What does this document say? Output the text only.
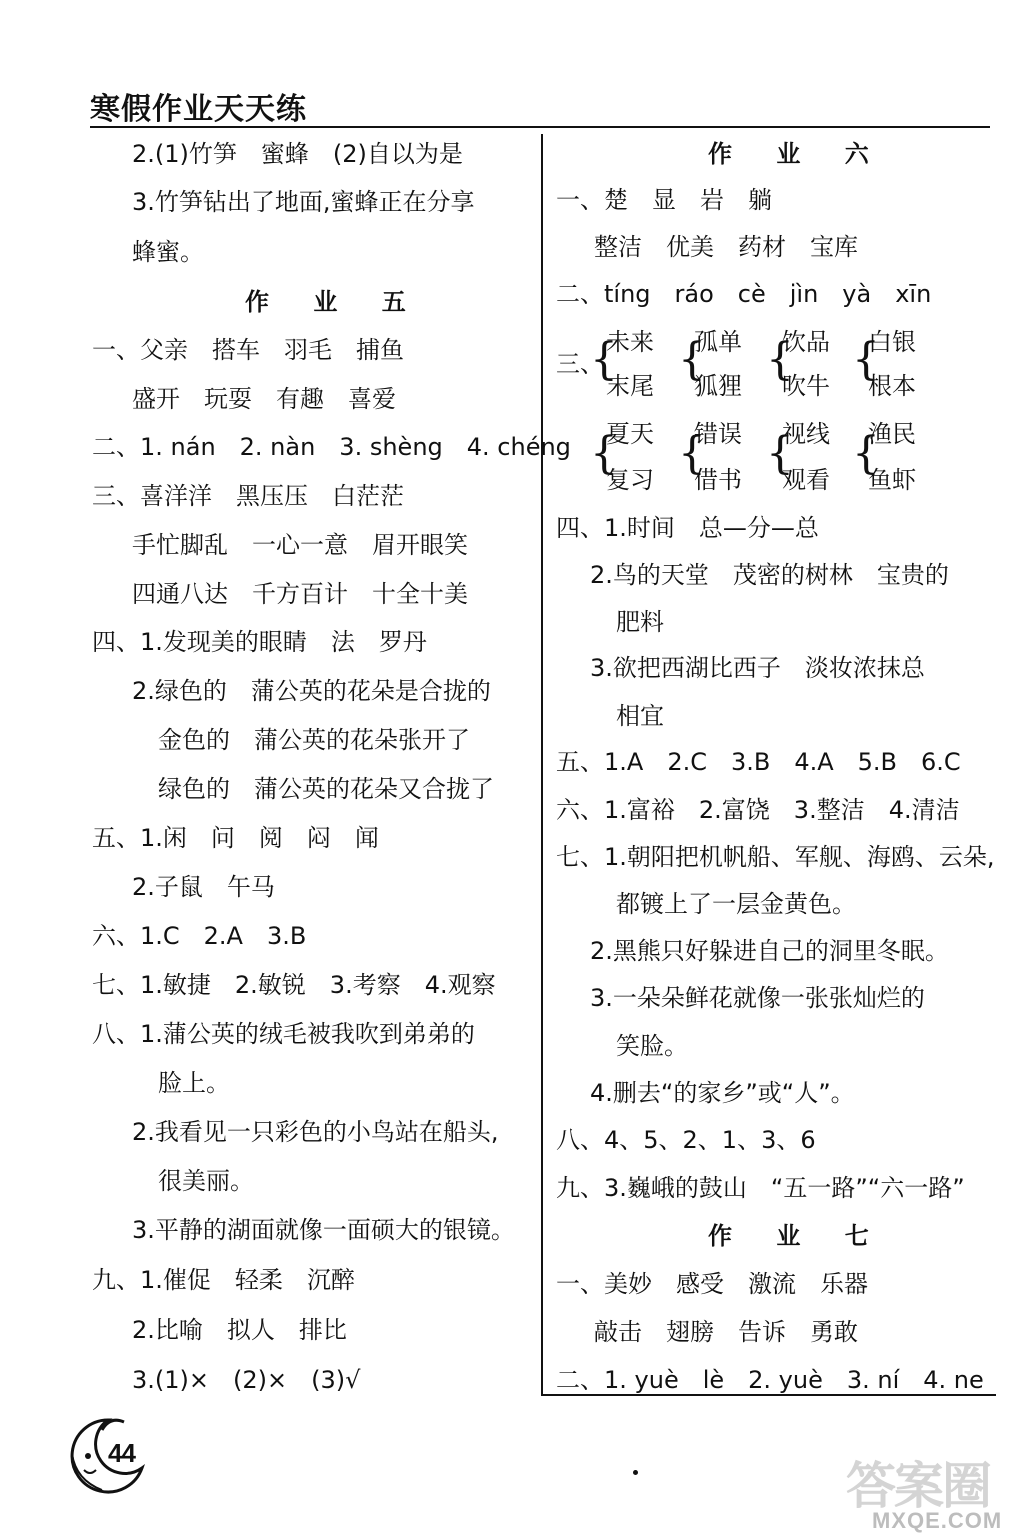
寒假作业天天练
2.(1)竹笋　蜜蜂　(2)自以为是
3.竹笋钻出了地面,蜜蜂正在分享
蜂蜜。
作 业 五
一、父亲　搭车　羽毛　捕鱼
盛开　玩耍　有趣　喜爱
二、1. nán　2. nàn　3. shèng　4. chéng
三、喜洋洋　黑压压　白茫茫
手忙脚乱　一心一意　眉开眼笑
四通八达　千方百计　十全十美
四、1.发现美的眼睛　法　罗丹
2.绿色的　蒲公英的花朵是合拢的
金色的　蒲公英的花朵张开了
绿色的　蒲公英的花朵又合拢了
五、1.闲　问　阅　闷　闻
2.子鼠　午马
六、1.C　2.A　3.B
七、1.敏捷　2.敏锐　3.考察　4.观察
八、1.蒲公英的绒毛被我吹到弟弟的
脸上。
2.我看见一只彩色的小鸟站在船头,
很美丽。
3.平静的湖面就像一面硕大的银镜。
九、1.催促　轻柔　沉醉
2.比喻　拟人　排比
3.(1)×　(2)×　(3)√
作 业 六
一、楚　显　岩　躺
整洁　优美　药材　宝库
二、tíng　ráo　cè　jìn　yà　xīn
三、
{
未来
末尾
{
孤单
狐狸
{
饮品
吹牛
{
白银
根本
{
夏天
复习
{
错误
借书
{
视线
观看
{
渔民
鱼虾
四、1.时间　总—分—总
2.鸟的天堂　茂密的树林　宝贵的
肥料
3.欲把西湖比西子　淡妆浓抹总
相宜
五、1.A　2.C　3.B　4.A　5.B　6.C
六、1.富裕　2.富饶　3.整洁　4.清洁
七、1.朝阳把机帆船、军舰、海鸥、云朵,
都镀上了一层金黄色。
2.黑熊只好躲进自己的洞里冬眠。
3.一朵朵鲜花就像一张张灿烂的
笑脸。
4.删去“的家乡”或“人”。
八、4、5、2、1、3、6
九、3.巍峨的鼓山　“五一路”“六一路”
作 业 七
一、美妙　感受　激流　乐器
敲击　翅膀　告诉　勇敢
二、1. yuè　lè　2. yuè　3. ní　4. ne
44
答案圈
MXQE.COM
